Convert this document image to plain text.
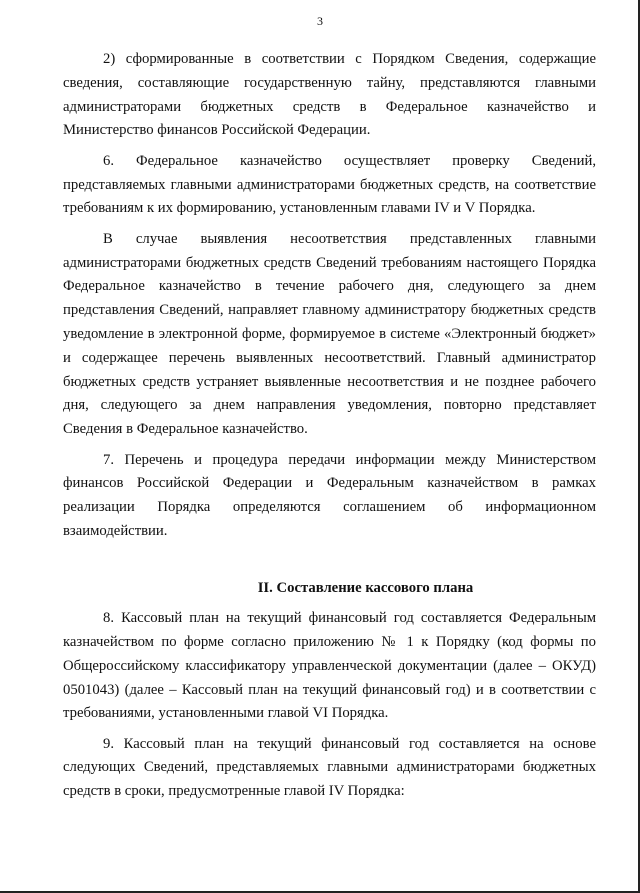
3

2) сформированные в соответствии с Порядком Сведения, содержащие сведения, составляющие государственную тайну, представляются главными администраторами бюджетных средств в Федеральное казначейство и Министерство финансов Российской Федерации.

6. Федеральное казначейство осуществляет проверку Сведений, представляемых главными администраторами бюджетных средств, на соответствие требованиям к их формированию, установленным главами IV и V Порядка.

В случае выявления несоответствия представленных главными администраторами бюджетных средств Сведений требованиям настоящего Порядка Федеральное казначейство в течение рабочего дня, следующего за днем представления Сведений, направляет главному администратору бюджетных средств уведомление в электронной форме, формируемое в системе «Электронный бюджет» и содержащее перечень выявленных несоответствий. Главный администратор бюджетных средств устраняет выявленные несоответствия и не позднее рабочего дня, следующего за днем направления уведомления, повторно представляет Сведения в Федеральное казначейство.

7. Перечень и процедура передачи информации между Министерством финансов Российской Федерации и Федеральным казначейством в рамках реализации Порядка определяются соглашением об информационном взаимодействии.

II. Составление кассового плана

8. Кассовый план на текущий финансовый год составляется Федеральным казначейством по форме согласно приложению № 1 к Порядку (код формы по Общероссийскому классификатору управленческой документации (далее – ОКУД) 0501043) (далее – Кассовый план на текущий финансовый год) и в соответствии с требованиями, установленными главой VI Порядка.

9. Кассовый план на текущий финансовый год составляется на основе следующих Сведений, представляемых главными администраторами бюджетных средств в сроки, предусмотренные главой IV Порядка:
